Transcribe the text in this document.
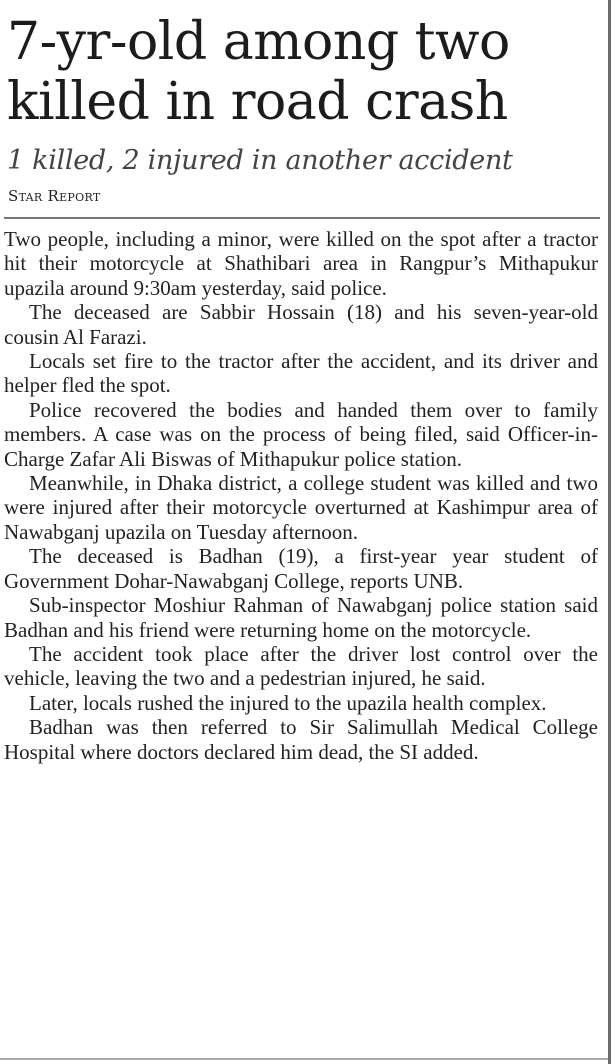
7-yr-old among two killed in road crash
1 killed, 2 injured in another accident
Star Report

Two people, including a minor, were killed on the spot after a tractor hit their motorcycle at Shathibari area in Rangpur’s Mithapukur upazila around 9:30am yesterday, said police.

The deceased are Sabbir Hossain (18) and his seven-year-old cousin Al Farazi.

Locals set fire to the tractor after the accident, and its driver and helper fled the spot.

Police recovered the bodies and handed them over to family members. A case was on the process of being filed, said Officer-in-Charge Zafar Ali Biswas of Mithapukur police station.

Meanwhile, in Dhaka district, a college student was killed and two were injured after their motorcycle overturned at Kashimpur area of Nawabganj upazila on Tuesday afternoon.

The deceased is Badhan (19), a first-year year student of Government Dohar-Nawabganj College, reports UNB.

Sub-inspector Moshiur Rahman of Nawabganj police station said Badhan and his friend were returning home on the motorcycle.

The accident took place after the driver lost control over the vehicle, leaving the two and a pedestrian injured, he said.

Later, locals rushed the injured to the upazila health complex.

Badhan was then referred to Sir Salimullah Medical College Hospital where doctors declared him dead, the SI added.
